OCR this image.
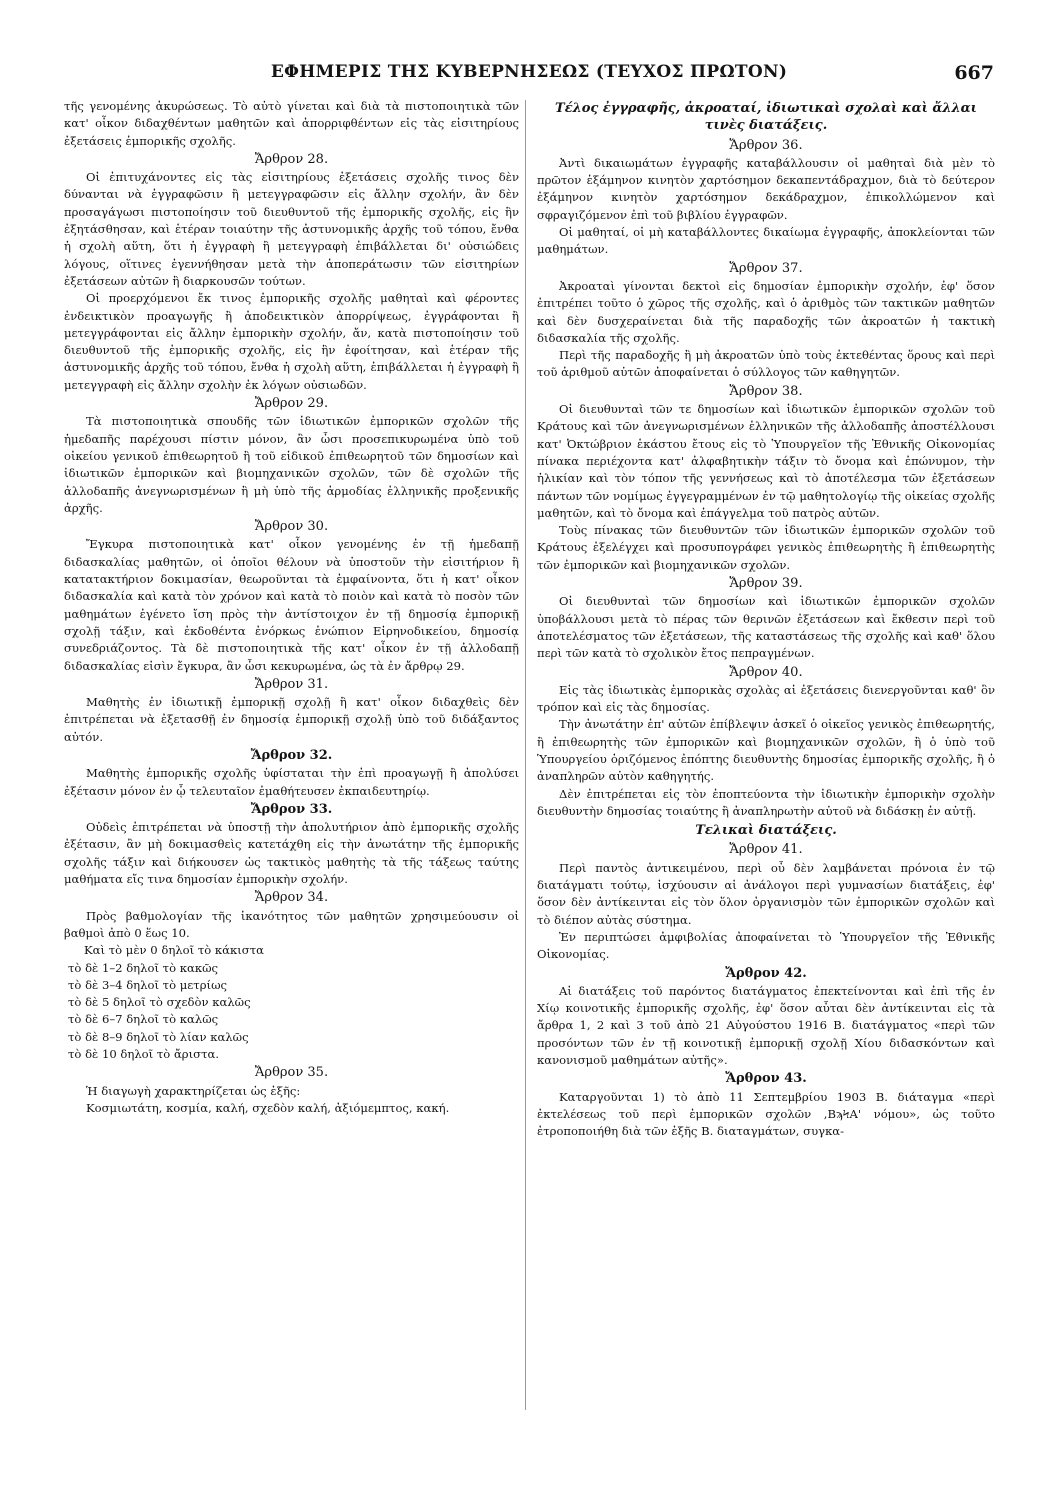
ΕΦΗΜΕΡΙΣ ΤΗΣ ΚΥΒΕΡΝΗΣΕΩΣ (ΤΕΥΧΟΣ ΠΡΩΤΟΝ)	667

τῆς γενομένης ἀκυρώσεως. Τὸ αὐτὸ γίνεται καὶ διὰ τὰ πιστοποιητικὰ τῶν κατ' οἶκον διδαχθέντων μαθητῶν καὶ ἀπορριφθέντων εἰς τὰς εἰσιτηρίους ἐξετάσεις ἐμπορικῆς σχολῆς.

Ἄρθρον 28.

Οἱ ἐπιτυχάνοντες εἰς τὰς εἰσιτηρίους ἐξετάσεις σχολῆς τινος δὲν δύνανται νὰ ἐγγραφῶσιν ἢ μετεγγραφῶσιν εἰς ἄλλην σχολήν, ἂν δὲν προσαγάγωσι πιστοποίησιν τοῦ διευθυντοῦ τῆς ἐμπορικῆς σχολῆς, εἰς ἣν ἐξητάσθησαν, καὶ ἑτέραν τοιαύτην τῆς ἀστυνομικῆς ἀρχῆς τοῦ τόπου, ἔνθα ἡ σχολὴ αὕτη, ὅτι ἡ ἐγγραφὴ ἢ μετεγγραφὴ ἐπιβάλλεται δι' οὐσιώδεις λόγους, οἵτινες ἐγεννήθησαν μετὰ τὴν ἀποπεράτωσιν τῶν εἰσιτηρίων ἐξετάσεων αὐτῶν ἢ διαρκουσῶν τούτων.

Οἱ προερχόμενοι ἔκ τινος ἐμπορικῆς σχολῆς μαθηταὶ καὶ φέροντες ἐνδεικτικὸν προαγωγῆς ἢ ἀποδεικτικὸν ἀπορρίψεως, ἐγγράφονται ἢ μετεγγράφονται εἰς ἄλλην ἐμπορικὴν σχολήν, ἄν, κατὰ πιστοποίησιν τοῦ διευθυντοῦ τῆς ἐμπορικῆς σχολῆς, εἰς ἣν ἐφοίτησαν, καὶ ἑτέραν τῆς ἀστυνομικῆς ἀρχῆς τοῦ τόπου, ἔνθα ἡ σχολὴ αὕτη, ἐπιβάλλεται ἡ ἐγγραφὴ ἢ μετεγγραφὴ εἰς ἄλλην σχολὴν ἐκ λόγων οὐσιωδῶν.

Ἄρθρον 29.

Τὰ πιστοποιητικὰ σπουδῆς τῶν ἰδιωτικῶν ἐμπορικῶν σχολῶν τῆς ἡμεδαπῆς παρέχουσι πίστιν μόνον, ἂν ὦσι προσεπικυρωμένα ὑπὸ τοῦ οἰκείου γενικοῦ ἐπιθεωρητοῦ ἢ τοῦ εἰδικοῦ ἐπιθεωρητοῦ τῶν δημοσίων καὶ ἰδιωτικῶν ἐμπορικῶν καὶ βιομηχανικῶν σχολῶν, τῶν δὲ σχολῶν τῆς ἀλλοδαπῆς ἀνεγνωρισμένων ἢ μὴ ὑπὸ τῆς ἁρμοδίας ἑλληνικῆς προξενικῆς ἀρχῆς.

Ἄρθρον 30.

Ἔγκυρα πιστοποιητικὰ κατ' οἶκον γενομένης ἐν τῇ ἡμεδαπῇ διδασκαλίας μαθητῶν, οἱ ὁποῖοι θέλουν νὰ ὑποστοῦν τὴν εἰσιτήριον ἢ κατατακτήριον δοκιμασίαν, θεωροῦνται τὰ ἐμφαίνοντα, ὅτι ἡ κατ' οἶκον διδασκαλία καὶ κατὰ τὸν χρόνον καὶ κατὰ τὸ ποιὸν καὶ κατὰ τὸ ποσὸν τῶν μαθημάτων ἐγένετο ἴση πρὸς τὴν ἀντίστοιχον ἐν τῇ δημοσίᾳ ἐμπορικῇ σχολῇ τάξιν, καὶ ἐκδοθέντα ἐνόρκως ἐνώπιον Εἰρηνοδικείου, δημοσίᾳ συνεδριάζοντος. Τὰ δὲ πιστοποιητικὰ τῆς κατ' οἶκον ἐν τῇ ἀλλοδαπῇ διδασκαλίας εἰσὶν ἔγκυρα, ἂν ὦσι κεκυρωμένα, ὡς τὰ ἐν ἄρθρῳ 29.

Ἄρθρον 31.

Μαθητὴς ἐν ἰδιωτικῇ ἐμπορικῇ σχολῇ ἢ κατ' οἶκον διδαχθεὶς δὲν ἐπιτρέπεται νὰ ἐξετασθῇ ἐν δημοσίᾳ ἐμπορικῇ σχολῇ ὑπὸ τοῦ διδάξαντος αὐτόν.

Ἄρθρον 32.

Μαθητὴς ἐμπορικῆς σχολῆς ὑφίσταται τὴν ἐπὶ προαγωγῇ ἢ ἀπολύσει ἐξέτασιν μόνον ἐν ᾧ τελευταῖον ἐμαθήτευσεν ἐκπαιδευτηρίῳ.

Ἄρθρον 33.

Οὐδεὶς ἐπιτρέπεται νὰ ὑποστῇ τὴν ἀπολυτήριον ἀπὸ ἐμπορικῆς σχολῆς ἐξέτασιν, ἂν μὴ δοκιμασθεὶς κατετάχθη εἰς τὴν ἀνωτάτην τῆς ἐμπορικῆς σχολῆς τάξιν καὶ διήκουσεν ὡς τακτικὸς μαθητὴς τὰ τῆς τάξεως ταύτης μαθήματα εἴς τινα δημοσίαν ἐμπορικὴν σχολήν.

Ἄρθρον 34.

Πρὸς βαθμολογίαν τῆς ἱκανότητος τῶν μαθητῶν χρησιμεύουσιν οἱ βαθμοὶ ἀπὸ 0 ἕως 10.

Καὶ τὸ μὲν 0 δηλοῖ τὸ κάκιστα
τὸ δὲ 1–2 δηλοῖ τὸ κακῶς
τὸ δὲ 3–4 δηλοῖ τὸ μετρίως
τὸ δὲ 5 δηλοῖ τὸ σχεδὸν καλῶς
τὸ δὲ 6–7 δηλοῖ τὸ καλῶς
τὸ δὲ 8–9 δηλοῖ τὸ λίαν καλῶς
τὸ δὲ 10 δηλοῖ τὸ ἄριστα.
Ἄρθρον 35.

Ἡ διαγωγὴ χαρακτηρίζεται ὡς ἑξῆς:

Κοσμιωτάτη, κοσμία, καλή, σχεδὸν καλή, ἀξιόμεμπτος, κακή.

Τέλος ἐγγραφῆς, ἀκροαταί, ἰδιωτικαὶ σχολαὶ καὶ ἄλλαι τινὲς διατάξεις.
Ἄρθρον 36.

Ἀντὶ δικαιωμάτων ἐγγραφῆς καταβάλλουσιν οἱ μαθηταὶ διὰ μὲν τὸ πρῶτον ἑξάμηνον κινητὸν χαρτόσημον δεκαπεντάδραχμον, διὰ τὸ δεύτερον ἑξάμηνον κινητὸν χαρτόσημον δεκάδραχμον, ἐπικολλώμενον καὶ σφραγιζόμενον ἐπὶ τοῦ βιβλίου ἐγγραφῶν.

Οἱ μαθηταί, οἱ μὴ καταβάλλοντες δικαίωμα ἐγγραφῆς, ἀποκλείονται τῶν μαθημάτων.

Ἄρθρον 37.

Ἀκροαταὶ γίνονται δεκτοὶ εἰς δημοσίαν ἐμπορικὴν σχολήν, ἐφ' ὅσον ἐπιτρέπει τοῦτο ὁ χῶρος τῆς σχολῆς, καὶ ὁ ἀριθμὸς τῶν τακτικῶν μαθητῶν καὶ δὲν δυσχεραίνεται διὰ τῆς παραδοχῆς τῶν ἀκροατῶν ἡ τακτικὴ διδασκαλία τῆς σχολῆς.

Περὶ τῆς παραδοχῆς ἢ μὴ ἀκροατῶν ὑπὸ τοὺς ἐκτεθέντας ὅρους καὶ περὶ τοῦ ἀριθμοῦ αὐτῶν ἀποφαίνεται ὁ σύλλογος τῶν καθηγητῶν.

Ἄρθρον 38.

Οἱ διευθυνταὶ τῶν τε δημοσίων καὶ ἰδιωτικῶν ἐμπορικῶν σχολῶν τοῦ Κράτους καὶ τῶν ἀνεγνωρισμένων ἑλληνικῶν τῆς ἀλλοδαπῆς ἀποστέλλουσι κατ' Ὀκτώβριον ἑκάστου ἔτους εἰς τὸ Ὑπουργεῖον τῆς Ἐθνικῆς Οἰκονομίας πίνακα περιέχοντα κατ' ἀλφαβητικὴν τάξιν τὸ ὄνομα καὶ ἐπώνυμον, τὴν ἡλικίαν καὶ τὸν τόπον τῆς γεννήσεως καὶ τὸ ἀποτέλεσμα τῶν ἐξετάσεων πάντων τῶν νομίμως ἐγγεγραμμένων ἐν τῷ μαθητολογίῳ τῆς οἰκείας σχολῆς μαθητῶν, καὶ τὸ ὄνομα καὶ ἐπάγγελμα τοῦ πατρὸς αὐτῶν.

Τοὺς πίνακας τῶν διευθυντῶν τῶν ἰδιωτικῶν ἐμπορικῶν σχολῶν τοῦ Κράτους ἐξελέγχει καὶ προσυπογράφει γενικὸς ἐπιθεωρητὴς ἢ ἐπιθεωρητὴς τῶν ἐμπορικῶν καὶ βιομηχανικῶν σχολῶν.

Ἄρθρον 39.

Οἱ διευθυνταὶ τῶν δημοσίων καὶ ἰδιωτικῶν ἐμπορικῶν σχολῶν ὑποβάλλουσι μετὰ τὸ πέρας τῶν θερινῶν ἐξετάσεων καὶ ἔκθεσιν περὶ τοῦ ἀποτελέσματος τῶν ἐξετάσεων, τῆς καταστάσεως τῆς σχολῆς καὶ καθ' ὅλου περὶ τῶν κατὰ τὸ σχολικὸν ἔτος πεπραγμένων.

Ἄρθρον 40.

Εἰς τὰς ἰδιωτικὰς ἐμπορικὰς σχολὰς αἱ ἐξετάσεις διενεργοῦνται καθ' ὃν τρόπον καὶ εἰς τὰς δημοσίας.

Τὴν ἀνωτάτην ἐπ' αὐτῶν ἐπίβλεψιν ἀσκεῖ ὁ οἰκεῖος γενικὸς ἐπιθεωρητής, ἢ ἐπιθεωρητὴς τῶν ἐμπορικῶν καὶ βιομηχανικῶν σχολῶν, ἢ ὁ ὑπὸ τοῦ Ὑπουργείου ὁριζόμενος ἐπόπτης διευθυντὴς δημοσίας ἐμπορικῆς σχολῆς, ἢ ὁ ἀναπληρῶν αὐτὸν καθηγητής.

Δὲν ἐπιτρέπεται εἰς τὸν ἐποπτεύοντα τὴν ἰδιωτικὴν ἐμπορικὴν σχολὴν διευθυντὴν δημοσίας τοιαύτης ἢ ἀναπληρωτὴν αὐτοῦ νὰ διδάσκῃ ἐν αὐτῇ.

Τελικαὶ διατάξεις.
Ἄρθρον 41.

Περὶ παντὸς ἀντικειμένου, περὶ οὗ δὲν λαμβάνεται πρόνοια ἐν τῷ διατάγματι τούτῳ, ἰσχύουσιν αἱ ἀνάλογοι περὶ γυμνασίων διατάξεις, ἐφ' ὅσον δὲν ἀντίκεινται εἰς τὸν ὅλον ὀργανισμὸν τῶν ἐμπορικῶν σχολῶν καὶ τὸ διέπον αὐτὰς σύστημα.

Ἐν περιπτώσει ἀμφιβολίας ἀποφαίνεται τὸ Ὑπουργεῖον τῆς Ἐθνικῆς Οἰκονομίας.

Ἄρθρον 42.

Αἱ διατάξεις τοῦ παρόντος διατάγματος ἐπεκτείνονται καὶ ἐπὶ τῆς ἐν Χίῳ κοινοτικῆς ἐμπορικῆς σχολῆς, ἐφ' ὅσον αὗται δὲν ἀντίκεινται εἰς τὰ ἄρθρα 1, 2 καὶ 3 τοῦ ἀπὸ 21 Αὐγούστου 1916 Β. διατάγματος «περὶ τῶν προσόντων τῶν ἐν τῇ κοινοτικῇ ἐμπορικῇ σχολῇ Χίου διδασκόντων καὶ κανονισμοῦ μαθημάτων αὐτῆς».

Ἄρθρον 43.

Καταργοῦνται 1) τὸ ἀπὸ 11 Σεπτεμβρίου 1903 Β. διάταγμα «περὶ ἐκτελέσεως τοῦ περὶ ἐμπορικῶν σχολῶν ,ΒϡϞΑ' νόμου», ὡς τοῦτο ἐτροποποιήθη διὰ τῶν ἑξῆς Β. διαταγμάτων, συγκα-
